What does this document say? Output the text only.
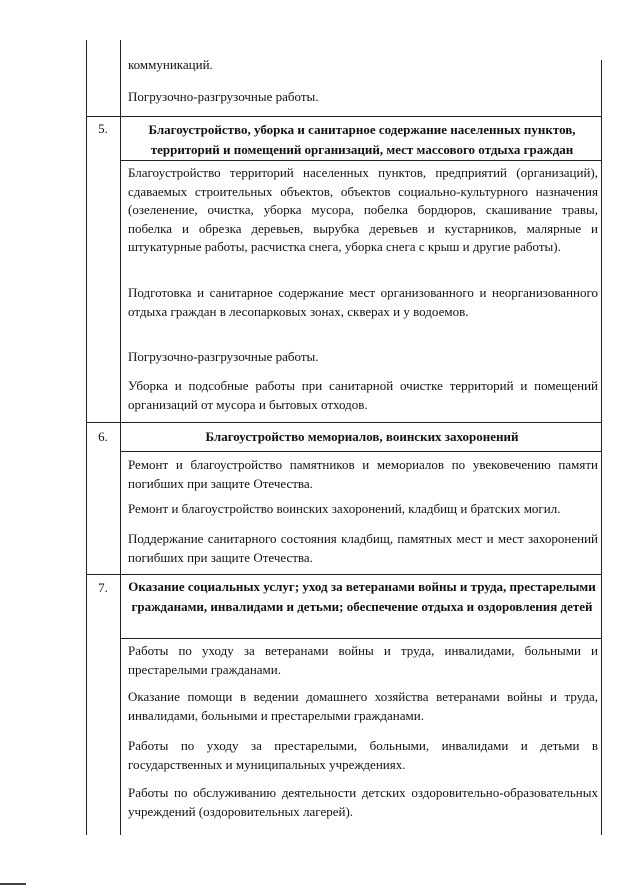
коммуникаций.
Погрузочно-разгрузочные работы.
5.	Благоустройство, уборка и санитарное содержание населенных пунктов, территорий и помещений организаций, мест массового отдыха граждан
Благоустройство территорий населенных пунктов, предприятий (организаций), сдаваемых строительных объектов, объектов социально-культурного назначения (озеленение, очистка, уборка мусора, побелка бордюров, скашивание травы, побелка и обрезка деревьев, вырубка деревьев и кустарников, малярные и штукатурные работы, расчистка снега, уборка снега с крыш и другие работы).
Подготовка и санитарное содержание мест организованного и неорганизованного отдыха граждан в лесопарковых зонах, скверах и у водоемов.
Погрузочно-разгрузочные работы.
Уборка и подсобные работы при санитарной очистке территорий и помещений организаций от мусора и бытовых отходов.
6.	Благоустройство мемориалов, воинских захоронений
Ремонт и благоустройство памятников и мемориалов по увековечению памяти погибших при защите Отечества.
Ремонт и благоустройство воинских захоронений, кладбищ и братских могил.
Поддержание санитарного состояния кладбищ, памятных мест и мест захоронений погибших при защите Отечества.
7.	Оказание социальных услуг; уход за ветеранами войны и труда, престарелыми гражданами, инвалидами и детьми; обеспечение отдыха и оздоровления детей
Работы по уходу за ветеранами войны и труда, инвалидами, больными и престарелыми гражданами.
Оказание помощи в ведении домашнего хозяйства ветеранами войны и труда, инвалидами, больными и престарелыми гражданами.
Работы по уходу за престарелыми, больными, инвалидами и детьми в государственных и муниципальных учреждениях.
Работы по обслуживанию деятельности детских оздоровительно-образовательных учреждений (оздоровительных лагерей).
